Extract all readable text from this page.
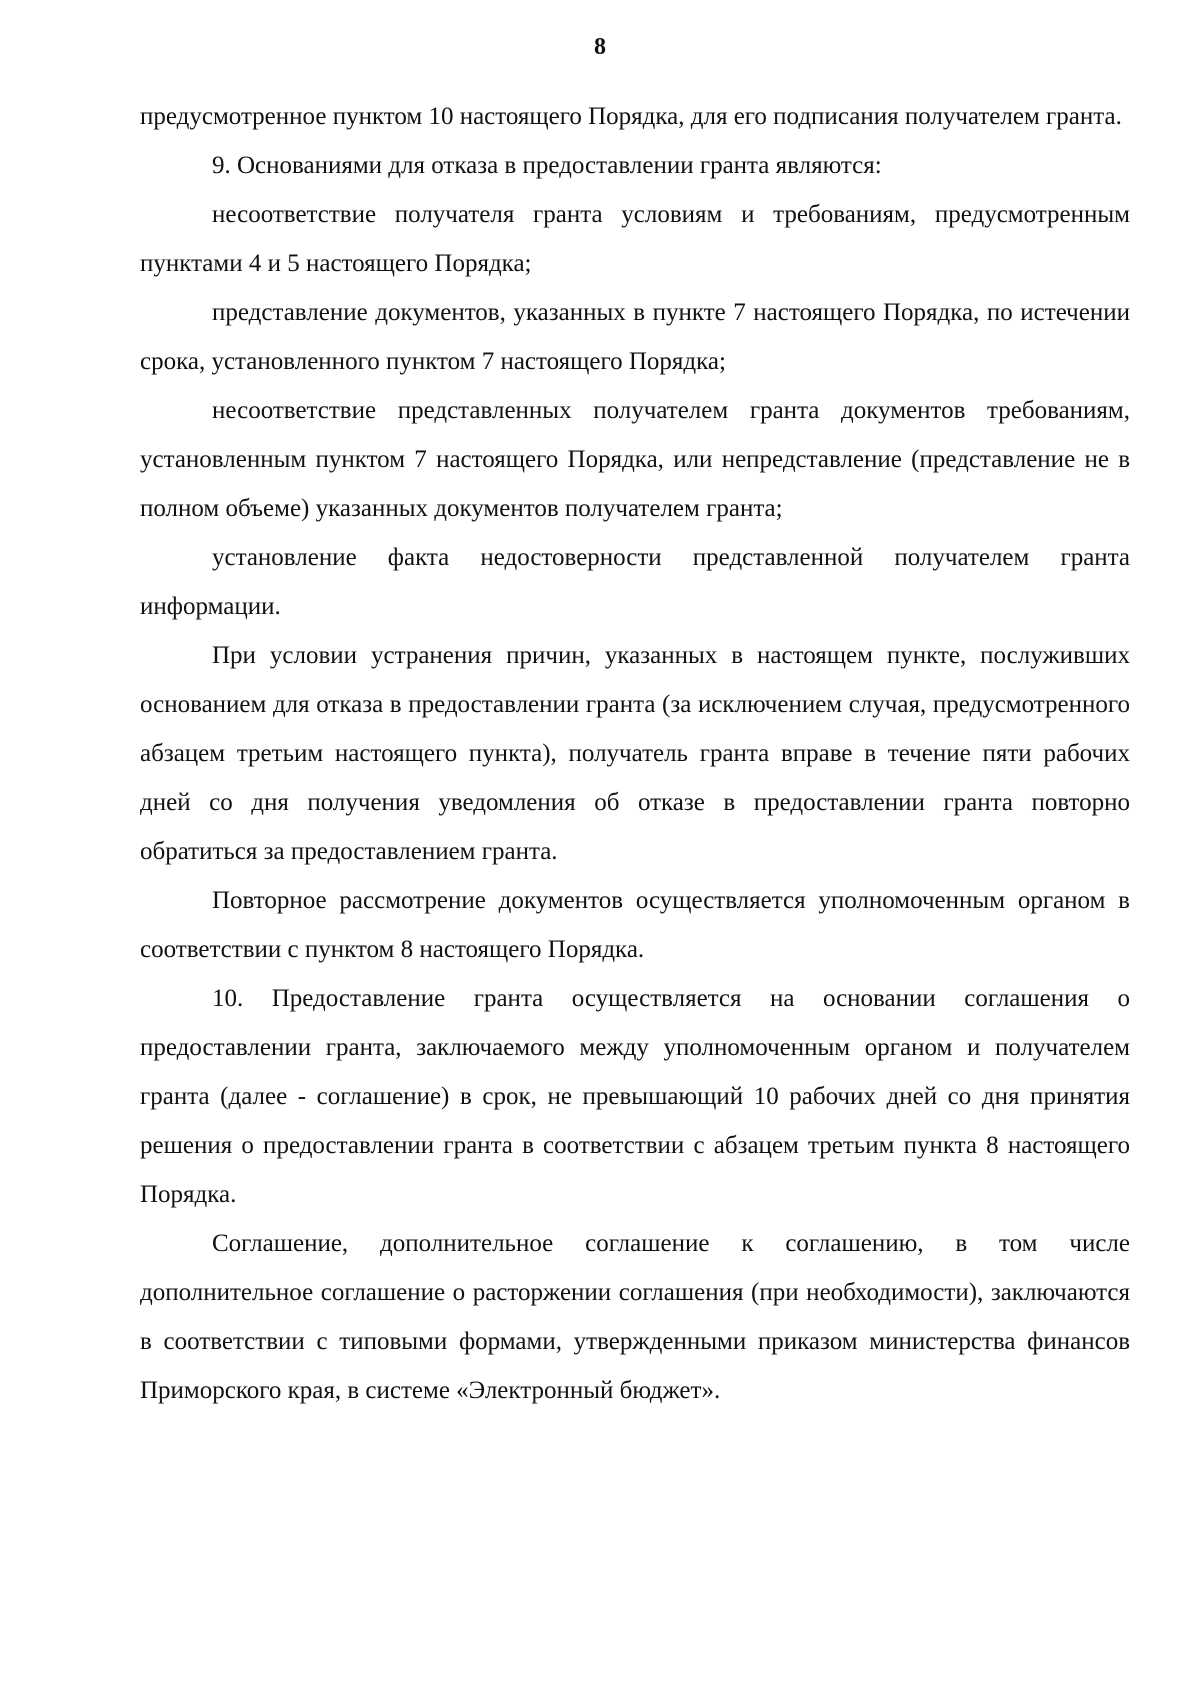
8

предусмотренное пунктом 10 настоящего Порядка, для его подписания получателем гранта.

9. Основаниями для отказа в предоставлении гранта являются:

несоответствие получателя гранта условиям и требованиям, предусмотренным пунктами 4 и 5 настоящего Порядка;

представление документов, указанных в пункте 7 настоящего Порядка, по истечении срока, установленного пунктом 7 настоящего Порядка;

несоответствие представленных получателем гранта документов требованиям, установленным пунктом 7 настоящего Порядка, или непредставление (представление не в полном объеме) указанных документов получателем гранта;

установление факта недостоверности представленной получателем гранта информации.

При условии устранения причин, указанных в настоящем пункте, послуживших основанием для отказа в предоставлении гранта (за исключением случая, предусмотренного абзацем третьим настоящего пункта), получатель гранта вправе в течение пяти рабочих дней со дня получения уведомления об отказе в предоставлении гранта повторно обратиться за предоставлением гранта.

Повторное рассмотрение документов осуществляется уполномоченным органом в соответствии с пунктом 8 настоящего Порядка.

10. Предоставление гранта осуществляется на основании соглашения о предоставлении гранта, заключаемого между уполномоченным органом и получателем гранта (далее - соглашение) в срок, не превышающий 10 рабочих дней со дня принятия решения о предоставлении гранта в соответствии с абзацем третьим пункта 8 настоящего Порядка.

Соглашение, дополнительное соглашение к соглашению, в том числе дополнительное соглашение о расторжении соглашения (при необходимости), заключаются в соответствии с типовыми формами, утвержденными приказом министерства финансов Приморского края, в системе «Электронный бюджет».
